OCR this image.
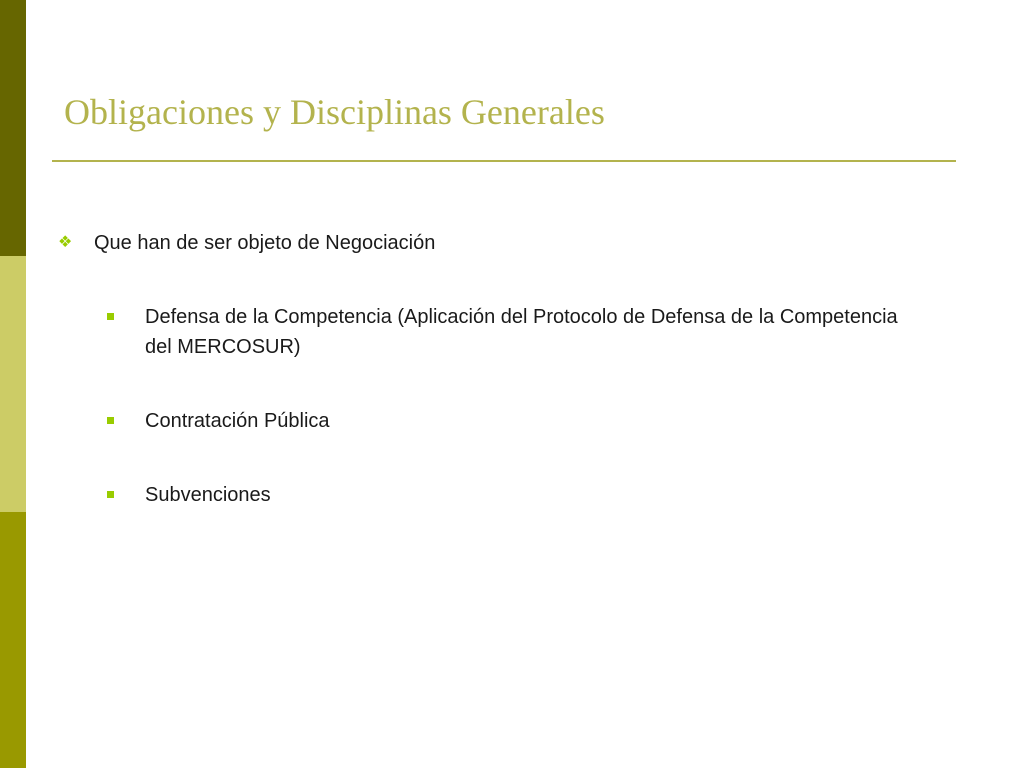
Obligaciones y Disciplinas Generales
❖	Que han de ser objeto de Negociación
Defensa de la Competencia (Aplicación del Protocolo de Defensa de la Competencia del MERCOSUR)
Contratación Pública
Subvenciones
